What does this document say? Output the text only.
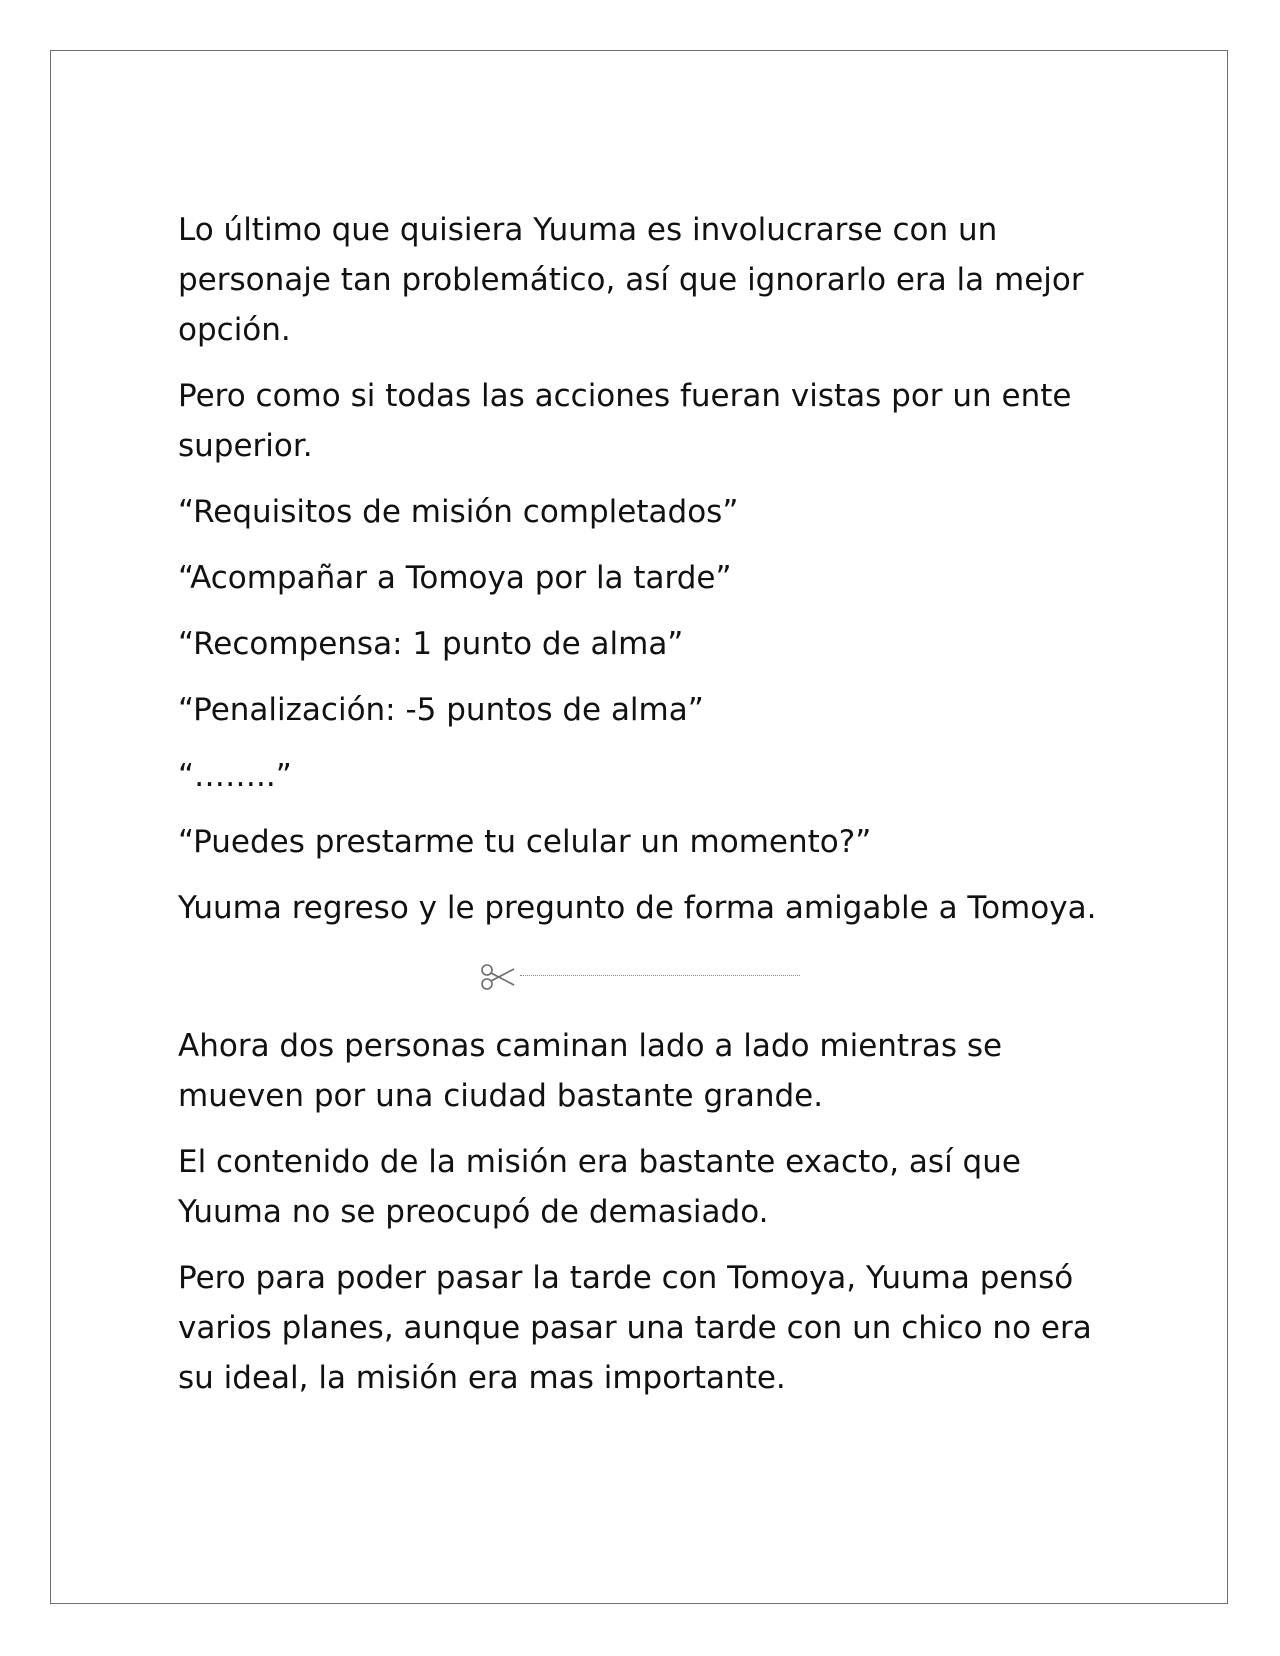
Lo último que quisiera Yuuma es involucrarse con un
personaje tan problemático, así que ignorarlo era la mejor
opción.
Pero como si todas las acciones fueran vistas por un ente
superior.
“Requisitos de misión completados”
“Acompañar a Tomoya por la tarde”
“Recompensa: 1 punto de alma”
“Penalización: -5 puntos de alma”
“……..”
“Puedes prestarme tu celular un momento?”
Yuuma regreso y le pregunto de forma amigable a Tomoya.
Ahora dos personas caminan lado a lado mientras se
mueven por una ciudad bastante grande.
El contenido de la misión era bastante exacto, así que
Yuuma no se preocupó de demasiado.
Pero para poder pasar la tarde con Tomoya, Yuuma pensó
varios planes, aunque pasar una tarde con un chico no era
su ideal, la misión era mas importante.
